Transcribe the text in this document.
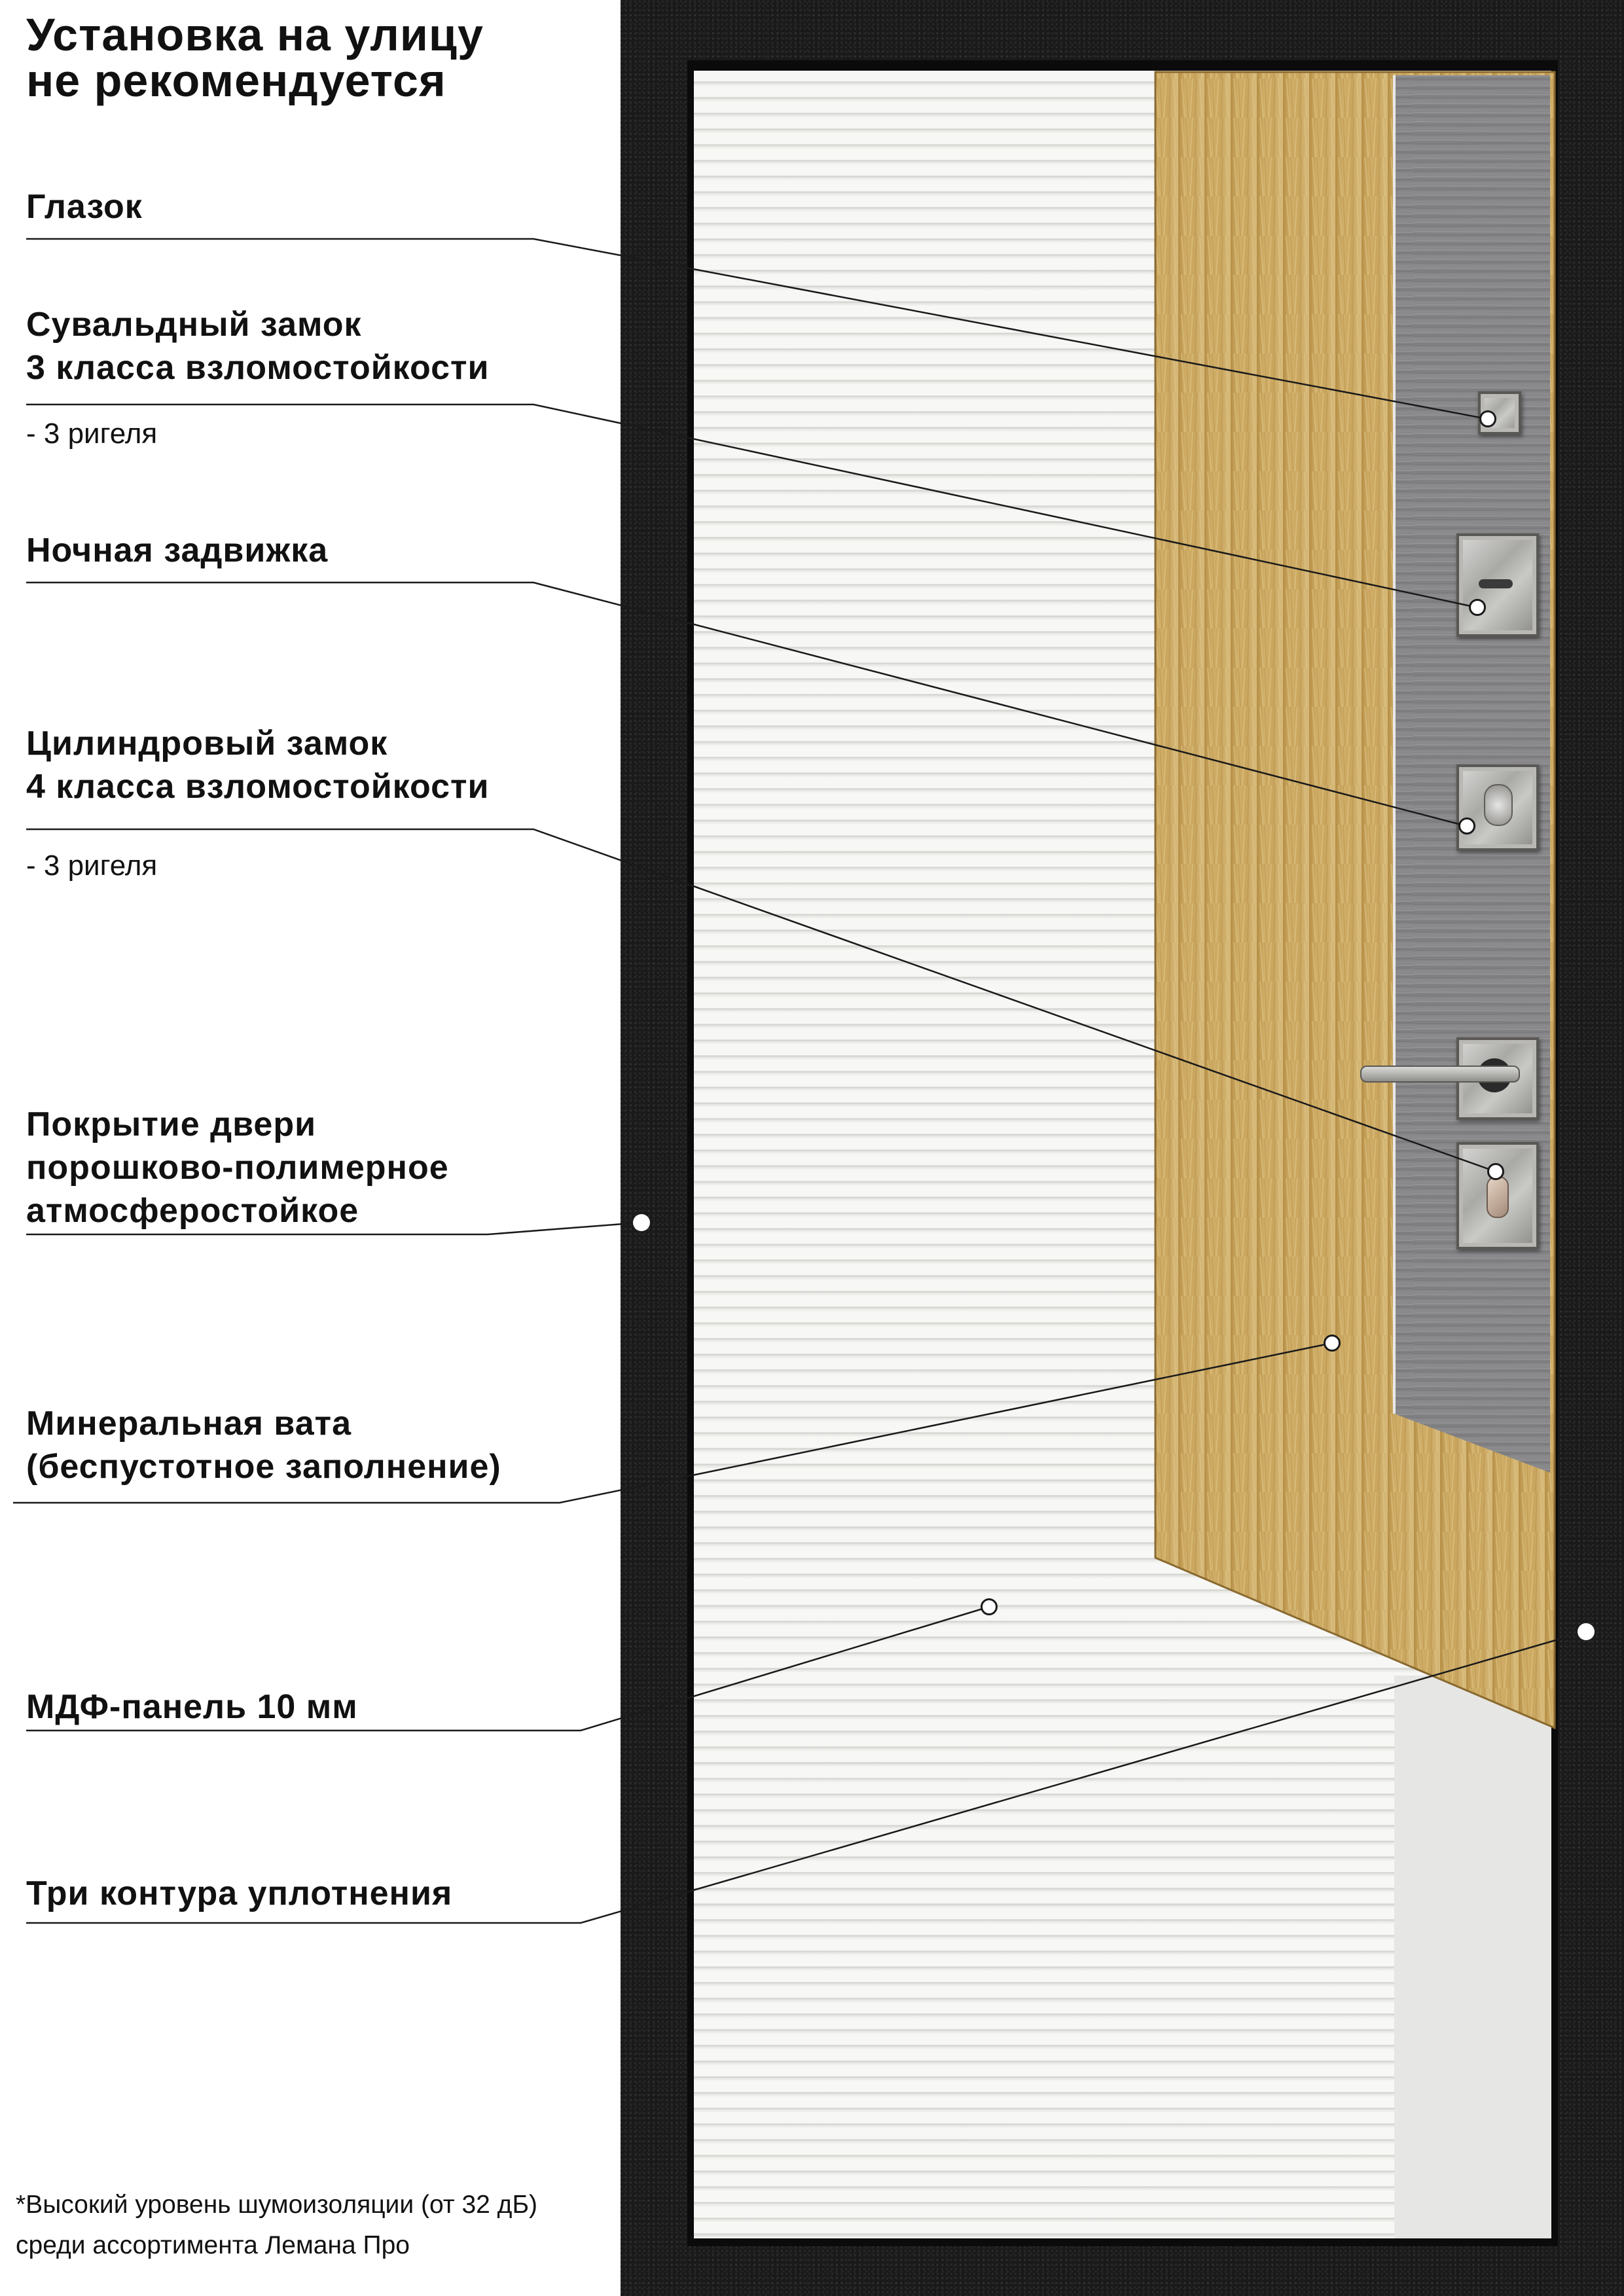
Установка на улицу
не рекомендуется
Глазок
Сувальдный замок
3 класса взломостойкости
- 3 ригеля
Ночная задвижка
Цилиндровый замок
4 класса взломостойкости
- 3 ригеля
Покрытие двери
порошково-полимерное
атмосферостойкое
Минеральная вата
(беспустотное заполнение)
МДФ-панель 10 мм
Три контура уплотнения
*Высокий уровень шумоизоляции (от 32 дБ)
среди ассортимента Лемана Про
